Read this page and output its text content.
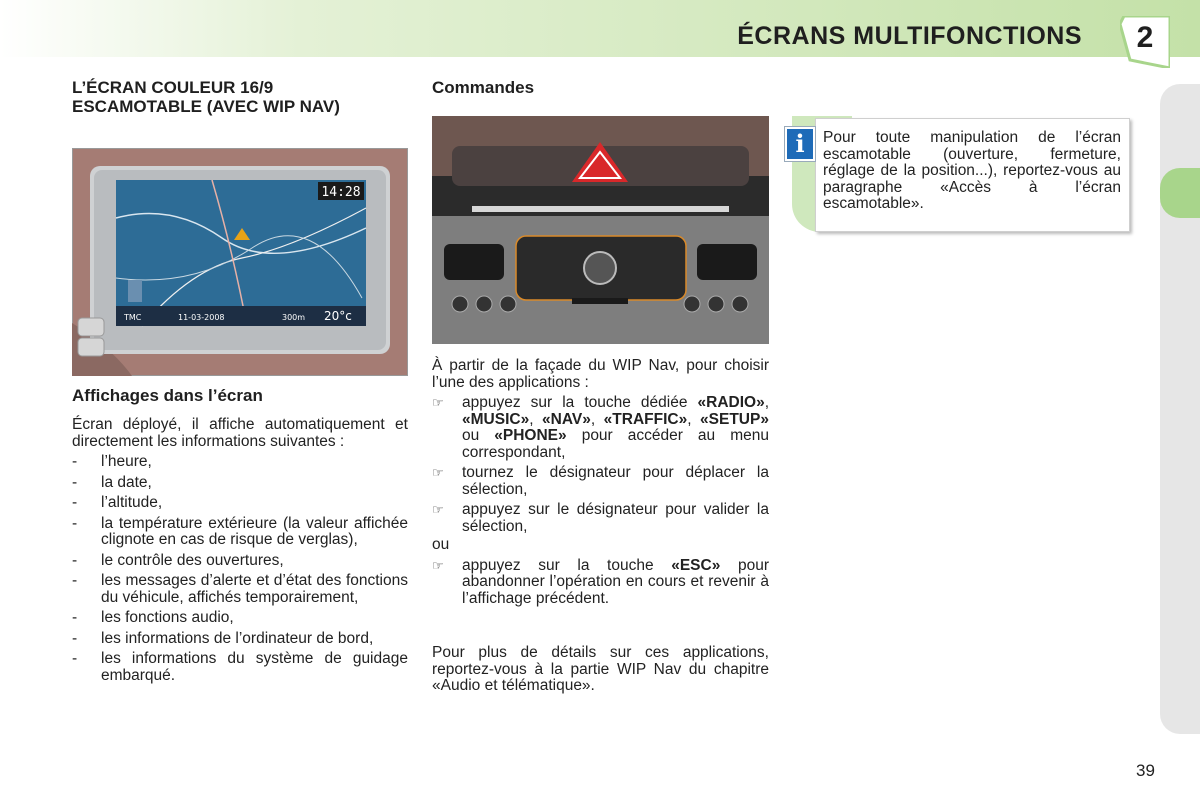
ÉCRANS MULTIFONCTIONS	2
L’ÉCRAN COULEUR 16/9
ESCAMOTABLE (AVEC WIP NAV)
14:28
TMC	11-03-2008	300m 20°c
Affichages dans l’écran

Écran déployé, il affiche automatiquement et directement les informations suivantes :

- l’heure,
- la date,
- l’altitude,
- la température extérieure (la valeur affichée clignote en cas de risque de verglas),
- le contrôle des ouvertures,
- les messages d’alerte et d’état des fonctions du véhicule, affichés temporairement,
- les fonctions audio,
- les informations de l’ordinateur de bord,
- les informations du système de guidage embarqué.
Commandes

À partir de la façade du WIP Nav, pour choisir l’une des applications :

☞ appuyez sur la touche dédiée «RADIO», «MUSIC», «NAV», «TRAFFIC», «SETUP» ou «PHONE» pour accéder au menu correspondant,
☞ tournez le désignateur pour déplacer la sélection,
☞ appuyez sur le désignateur pour valider la sélection,

ou

☞ appuyez sur la touche «ESC» pour abandonner l’opération en cours et revenir à l’affichage précédent.

Pour plus de détails sur ces applications, reportez-vous à la partie WIP Nav du chapitre «Audio et télématique».

i	Pour toute manipulation de l’écran escamotable (ouverture, fermeture, réglage de la position...), reportez-vous au paragraphe «Accès à l’écran escamotable».
39
